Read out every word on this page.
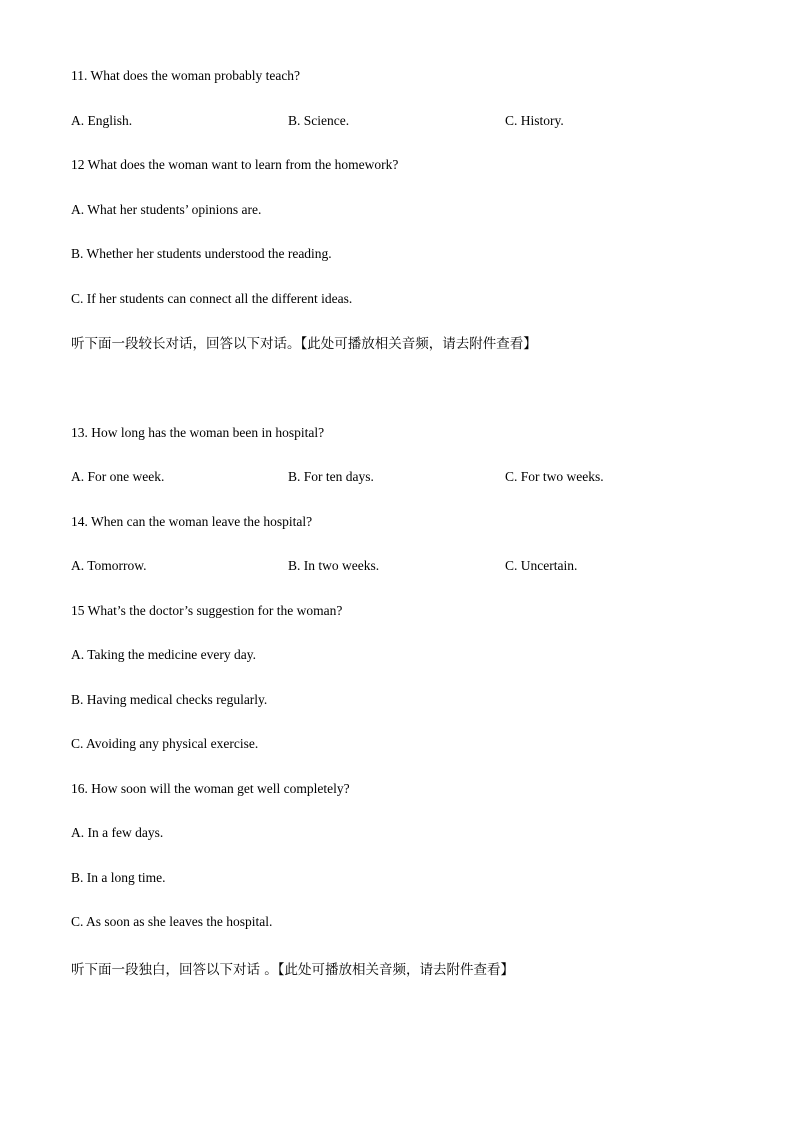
11. What does the woman probably teach?
A. English.	B. Science.	C. History.
12 What does the woman want to learn from the homework?
A. What her students’ opinions are.
B. Whether her students understood the reading.
C. If her students can connect all the different ideas.
听下面一段较长对话，回答以下对话。【此处可播放相关音频，请去附件查看】
13. How long has the woman been in hospital?
A. For one week.	B. For ten days.	C. For two weeks.
14. When can the woman leave the hospital?
A. Tomorrow.	B. In two weeks.	C. Uncertain.
15 What’s the doctor’s suggestion for the woman?
A. Taking the medicine every day.
B. Having medical checks regularly.
C. Avoiding any physical exercise.
16. How soon will the woman get well completely?
A. In a few days.
B. In a long time.
C. As soon as she leaves the hospital.
听下面一段独白，回答以下对话 。【此处可播放相关音频，请去附件查看】
